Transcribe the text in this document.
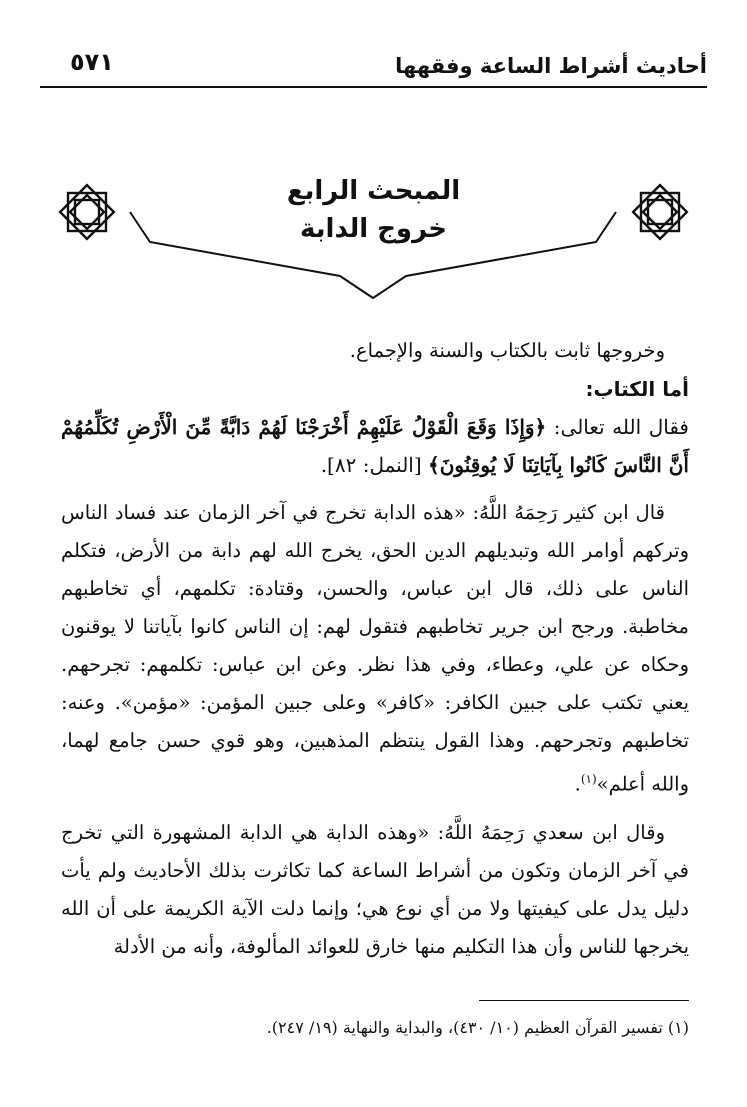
أحاديث أشراط الساعة وفقهها
٥٧١
المبحث الرابع
خروج الدابة

وخروجها ثابت بالكتاب والسنة والإجماع.

أما الكتاب:

فقال الله تعالى: ﴿وَإِذَا وَقَعَ الْقَوْلُ عَلَيْهِمْ أَخْرَجْنَا لَهُمْ دَابَّةً مِّنَ الْأَرْضِ تُكَلِّمُهُمْ أَنَّ النَّاسَ كَانُوا بِآيَاتِنَا لَا يُوقِنُونَ﴾ [النمل: ٨٢].

قال ابن كثير رَحِمَهُ اللَّهُ: «هذه الدابة تخرج في آخر الزمان عند فساد الناس وتركهم أوامر الله وتبديلهم الدين الحق، يخرج الله لهم دابة من الأرض، فتكلم الناس على ذلك، قال ابن عباس، والحسن، وقتادة: تكلمهم، أي تخاطبهم مخاطبة. ورجح ابن جرير تخاطبهم فتقول لهم: إن الناس كانوا بآياتنا لا يوقنون وحكاه عن علي، وعطاء، وفي هذا نظر. وعن ابن عباس: تكلمهم: تجرحهم. يعني تكتب على جبين الكافر: «كافر» وعلى جبين المؤمن: «مؤمن». وعنه: تخاطبهم وتجرحهم. وهذا القول ينتظم المذهبين، وهو قوي حسن جامع لهما، والله أعلم»$^{(١)}$.

وقال ابن سعدي رَحِمَهُ اللَّهُ: «وهذه الدابة هي الدابة المشهورة التي تخرج في آخر الزمان وتكون من أشراط الساعة كما تكاثرت بذلك الأحاديث ولم يأت دليل يدل على كيفيتها ولا من أي نوع هي؛ وإنما دلت الآية الكريمة على أن الله يخرجها للناس وأن هذا التكليم منها خارق للعوائد المألوفة، وأنه من الأدلة

(١) تفسير القرآن العظيم (١٠/ ٤٣٠)، والبداية والنهاية (١٩/ ٢٤٧).
